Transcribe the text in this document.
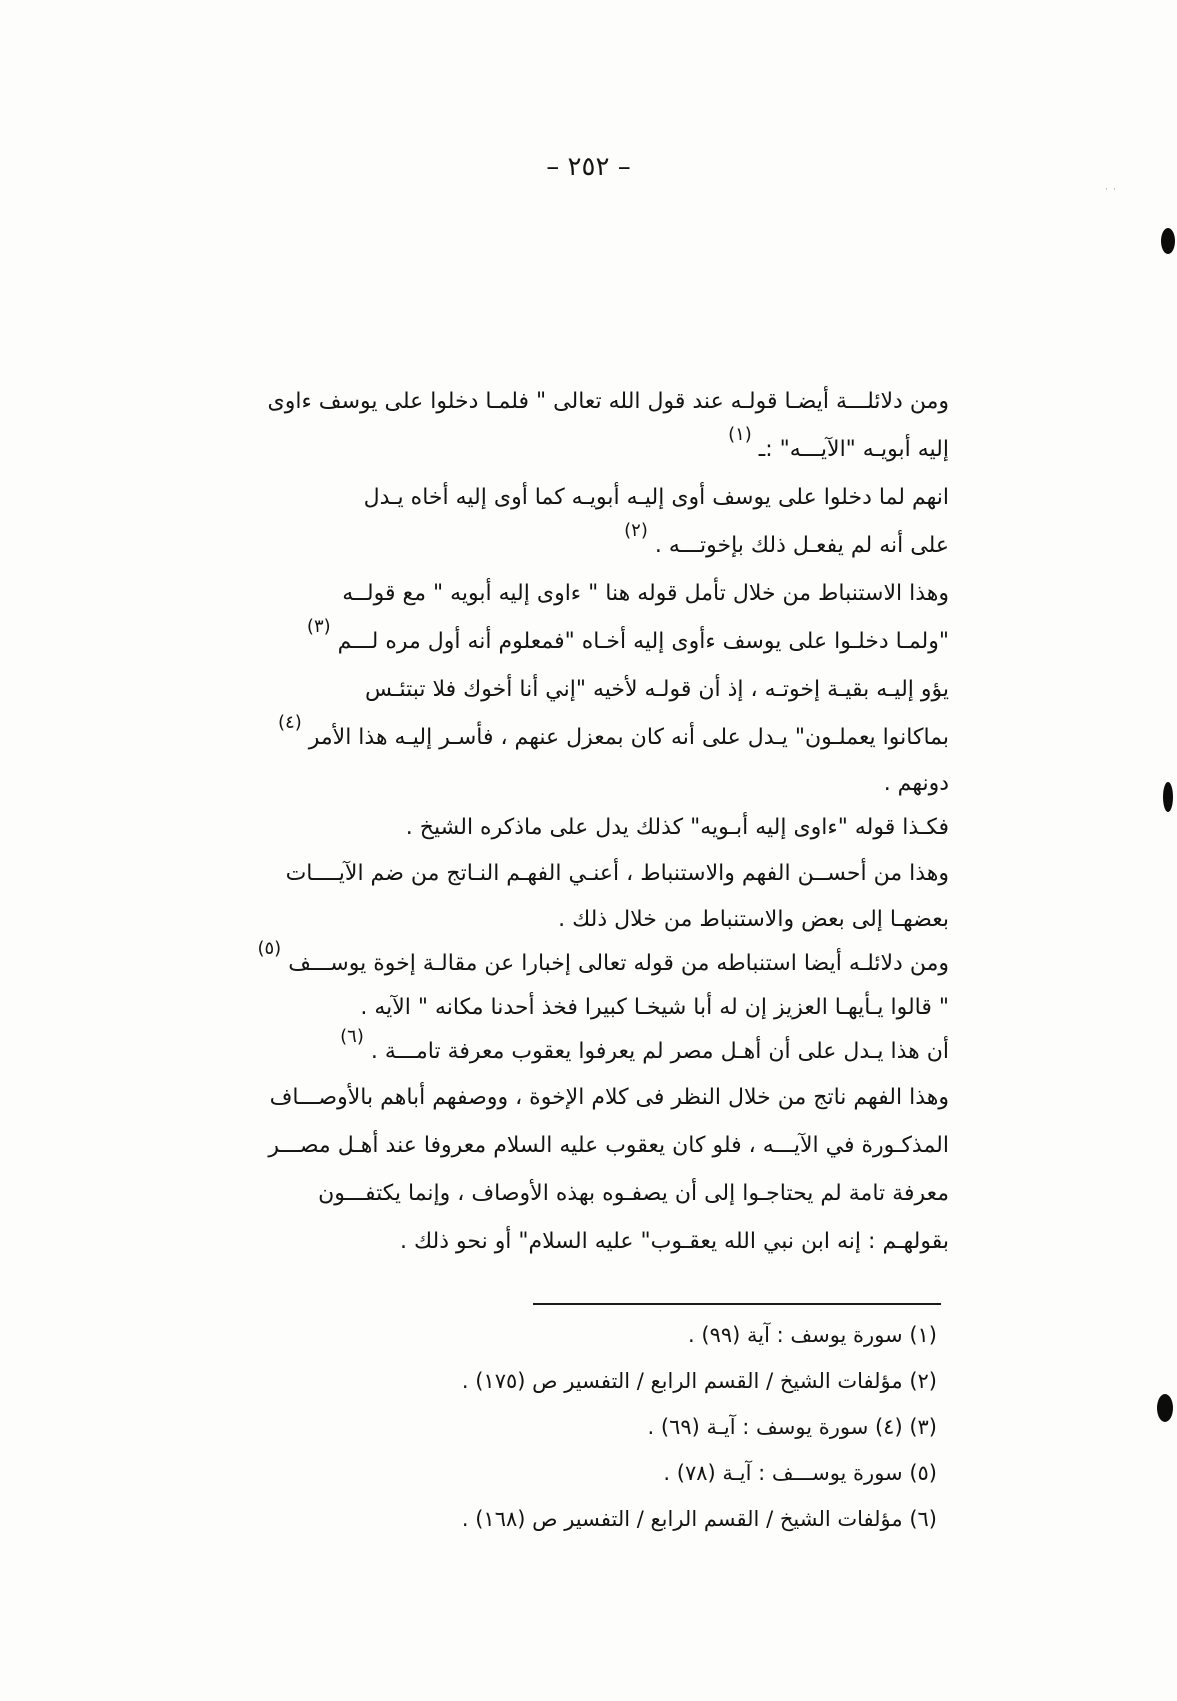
– ٢٥٢ –
ومن دلائلـــة أيضـا قولـه عند قول الله تعالى " فلمـا دخلوا على يوسف ءاوى
إليه أبويـه "الآيـــه" :ـ $^{(١)}$
انهم لما دخلوا على يوسف أوى إليـه أبويـه كما أوى إليه أخاه يـدل
على أنه لم يفعـل ذلك بإخوتـــه . $^{(٢)}$
وهذا الاستنباط من خلال تأمل قوله هنا " ءاوى إليه أبويه " مع قولــه
"ولمـا دخلـوا على يوسف ءأوى إليه أخـاه "فمعلوم أنه أول مره لـــم $^{(٣)}$
يؤو إليـه بقيـة إخوتـه ، إذ أن قولـه لأخيه "إني أنا أخوك فلا تبتئـس
بماكانوا يعملـون" يـدل على أنه كان بمعزل عنهم ، فأسـر إليـه هذا الأمر $^{(٤)}$
دونهم .
فكـذا قوله "ءاوى إليه أبـويه" كذلك يدل على ماذكره الشيخ .
وهذا من أحســن الفهم والاستنباط ، أعنـي الفهـم النـاتج من ضم الآيــــات
بعضهـا إلى بعض والاستنباط من خلال ذلك .
ومن دلائلـه أيضا استنباطه من قوله تعالى إخبارا عن مقالـة إخوة يوســـف $^{(٥)}$
" قالوا يـأيهـا العزيز إن له أبا شيخـا كبيرا فخذ أحدنا مكانه " الآيه .
أن هذا يـدل على أن أهـل مصر لم يعرفوا يعقوب معرفة تامـــة . $^{(٦)}$
وهذا الفهم ناتج من خلال النظر فى كلام الإخوة ، ووصفهم أباهم بالأوصـــاف
المذكـورة في الآيـــه ، فلو كان يعقوب عليه السلام معروفا عند أهـل مصـــر
معرفة تامة لم يحتاجـوا إلى أن يصفـوه بهذه الأوصاف ، وإنما يكتفـــون
بقولهـم : إنه ابن نبي الله يعقـوب" عليه السلام" أو نحو ذلك .
(١) سورة يوسف : آية (٩٩) .
(٢) مؤلفات الشيخ / القسم الرابع / التفسير ص (١٧٥) .
(٣) (٤) سورة يوسف : آيـة (٦٩) .
(٥) سورة يوســـف : آيـة (٧٨) .
(٦) مؤلفات الشيخ / القسم الرابع / التفسير ص (١٦٨) .
˙ ˙
